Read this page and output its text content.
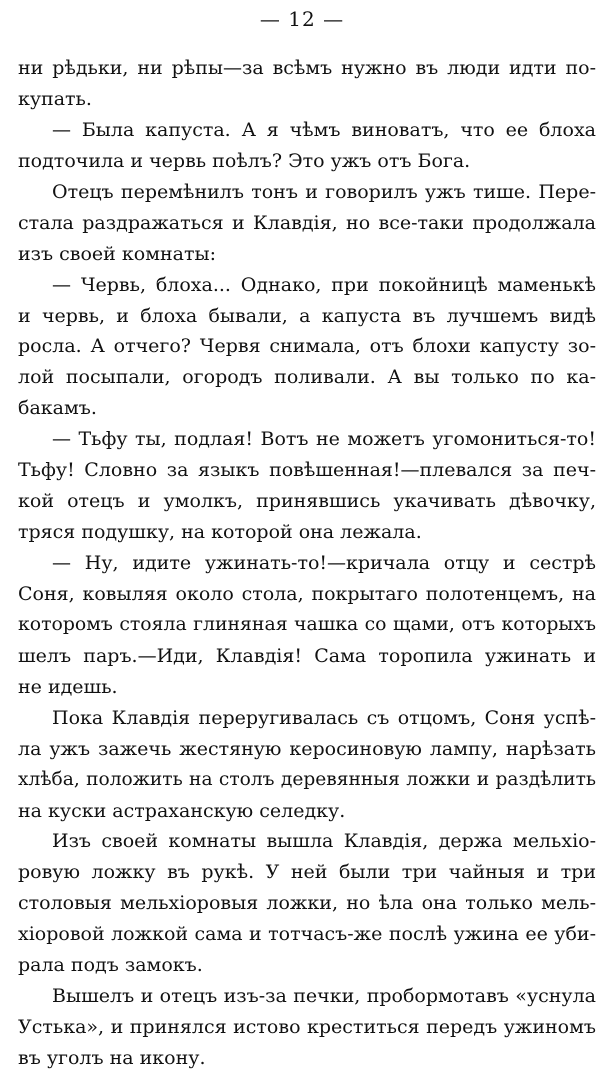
— 12 —
ни рѣдьки, ни рѣпы—за всѣмъ нужно въ люди идти по-
купать.
— Была капуста. А я чѣмъ виноватъ, что ее блоха
подточила и червь поѣлъ? Это ужъ отъ Бога.
Отецъ перемѣнилъ тонъ и говорилъ ужъ тише. Пере-
стала раздражаться и Клавдія, но все-таки продолжала
изъ своей комнаты:
— Червь, блоха... Однако, при покойницѣ маменькѣ
и червь, и блоха бывали, а капуста въ лучшемъ видѣ
росла. А отчего? Червя снимала, отъ блохи капусту зо-
лой посыпали, огородъ поливали. А вы только по ка-
бакамъ.
— Тьфу ты, подлая! Вотъ не можетъ угомониться-то!
Тьфу! Словно за языкъ повѣшенная!—плевался за печ-
кой отецъ и умолкъ, принявшись укачивать дѣвочку,
тряся подушку, на которой она лежала.
— Ну, идите ужинать-то!—кричала отцу и сестрѣ
Соня, ковыляя около стола, покрытаго полотенцемъ, на
которомъ стояла глиняная чашка со щами, отъ которыхъ
шелъ паръ.—Иди, Клавдія! Сама торопила ужинать и
не идешь.
Пока Клавдія переругивалась съ отцомъ, Соня успѣ-
ла ужъ зажечь жестяную керосиновую лампу, нарѣзать
хлѣба, положить на столъ деревянныя ложки и раздѣлить
на куски астраханскую селедку.
Изъ своей комнаты вышла Клавдія, держа мельхіо-
ровую ложку въ рукѣ. У ней были три чайныя и три
столовыя мельхіоровыя ложки, но ѣла она только мель-
хіоровой ложкой сама и тотчасъ-же послѣ ужина ее уби-
рала подъ замокъ.
Вышелъ и отецъ изъ-за печки, пробормотавъ «уснула
Устька», и принялся истово креститься передъ ужиномъ
въ уголъ на икону.
